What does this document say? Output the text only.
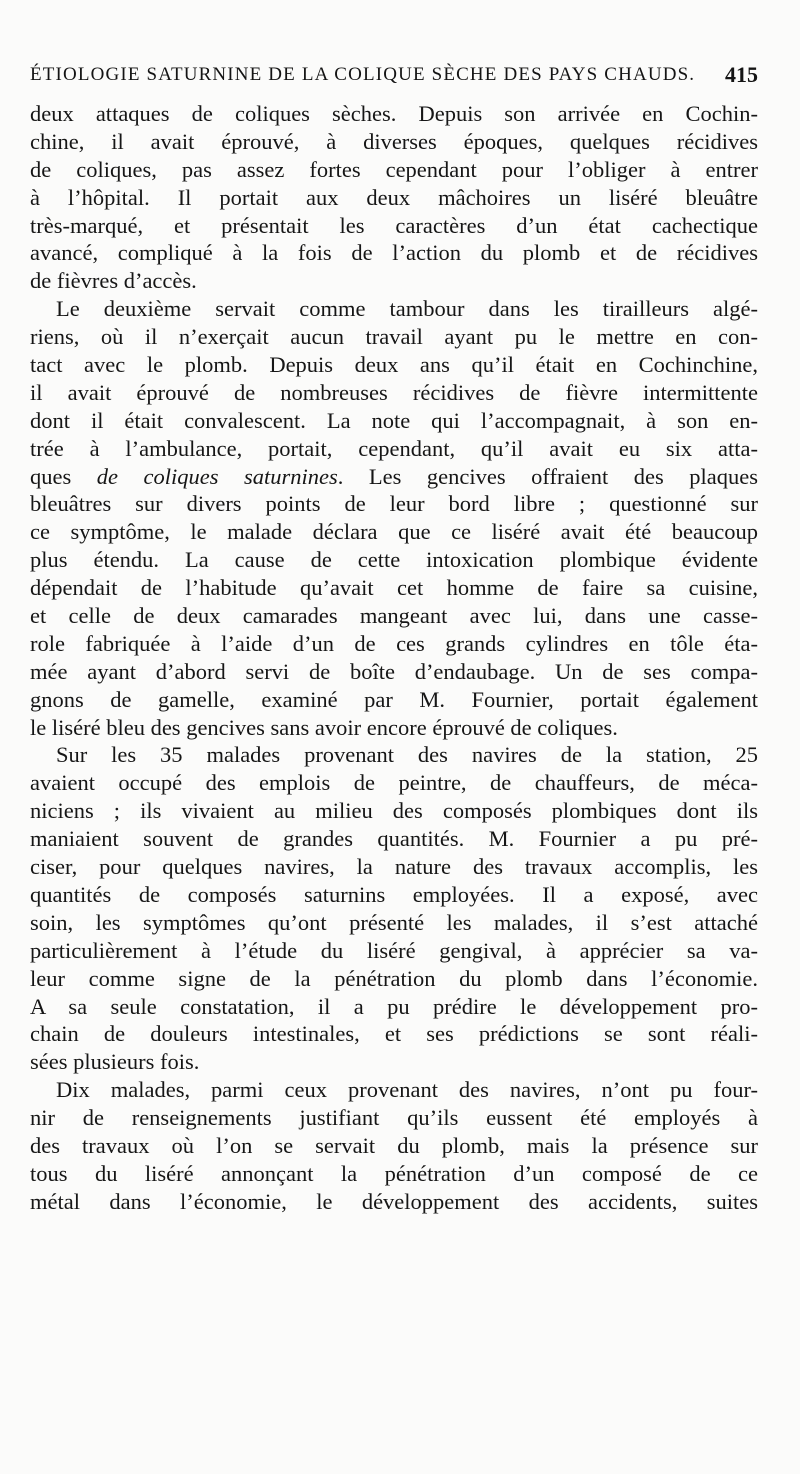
ÉTIOLOGIE SATURNINE DE LA COLIQUE SÈCHE DES PAYS CHAUDS. 415
deux attaques de coliques sèches. Depuis son arrivée en Cochin-
chine, il avait éprouvé, à diverses époques, quelques récidives
de coliques, pas assez fortes cependant pour l’obliger à entrer
à l’hôpital. Il portait aux deux mâchoires un liséré bleuâtre
très-marqué, et présentait les caractères d’un état cachectique
avancé, compliqué à la fois de l’action du plomb et de récidives
de fièvres d’accès.
Le deuxième servait comme tambour dans les tirailleurs algé-
riens, où il n’exerçait aucun travail ayant pu le mettre en con-
tact avec le plomb. Depuis deux ans qu’il était en Cochinchine,
il avait éprouvé de nombreuses récidives de fièvre intermittente
dont il était convalescent. La note qui l’accompagnait, à son en-
trée à l’ambulance, portait, cependant, qu’il avait eu six atta-
ques de coliques saturnines. Les gencives offraient des plaques
bleuâtres sur divers points de leur bord libre ; questionné sur
ce symptôme, le malade déclara que ce liséré avait été beaucoup
plus étendu. La cause de cette intoxication plombique évidente
dépendait de l’habitude qu’avait cet homme de faire sa cuisine,
et celle de deux camarades mangeant avec lui, dans une casse-
role fabriquée à l’aide d’un de ces grands cylindres en tôle éta-
mée ayant d’abord servi de boîte d’endaubage. Un de ses compa-
gnons de gamelle, examiné par M. Fournier, portait également
le liséré bleu des gencives sans avoir encore éprouvé de coliques.
Sur les 35 malades provenant des navires de la station, 25
avaient occupé des emplois de peintre, de chauffeurs, de méca-
niciens ; ils vivaient au milieu des composés plombiques dont ils
maniaient souvent de grandes quantités. M. Fournier a pu pré-
ciser, pour quelques navires, la nature des travaux accomplis, les
quantités de composés saturnins employées. Il a exposé, avec
soin, les symptômes qu’ont présenté les malades, il s’est attaché
particulièrement à l’étude du liséré gengival, à apprécier sa va-
leur comme signe de la pénétration du plomb dans l’économie.
A sa seule constatation, il a pu prédire le développement pro-
chain de douleurs intestinales, et ses prédictions se sont réali-
sées plusieurs fois.
Dix malades, parmi ceux provenant des navires, n’ont pu four-
nir de renseignements justifiant qu’ils eussent été employés à
des travaux où l’on se servait du plomb, mais la présence sur
tous du liséré annonçant la pénétration d’un composé de ce
métal dans l’économie, le développement des accidents, suites
